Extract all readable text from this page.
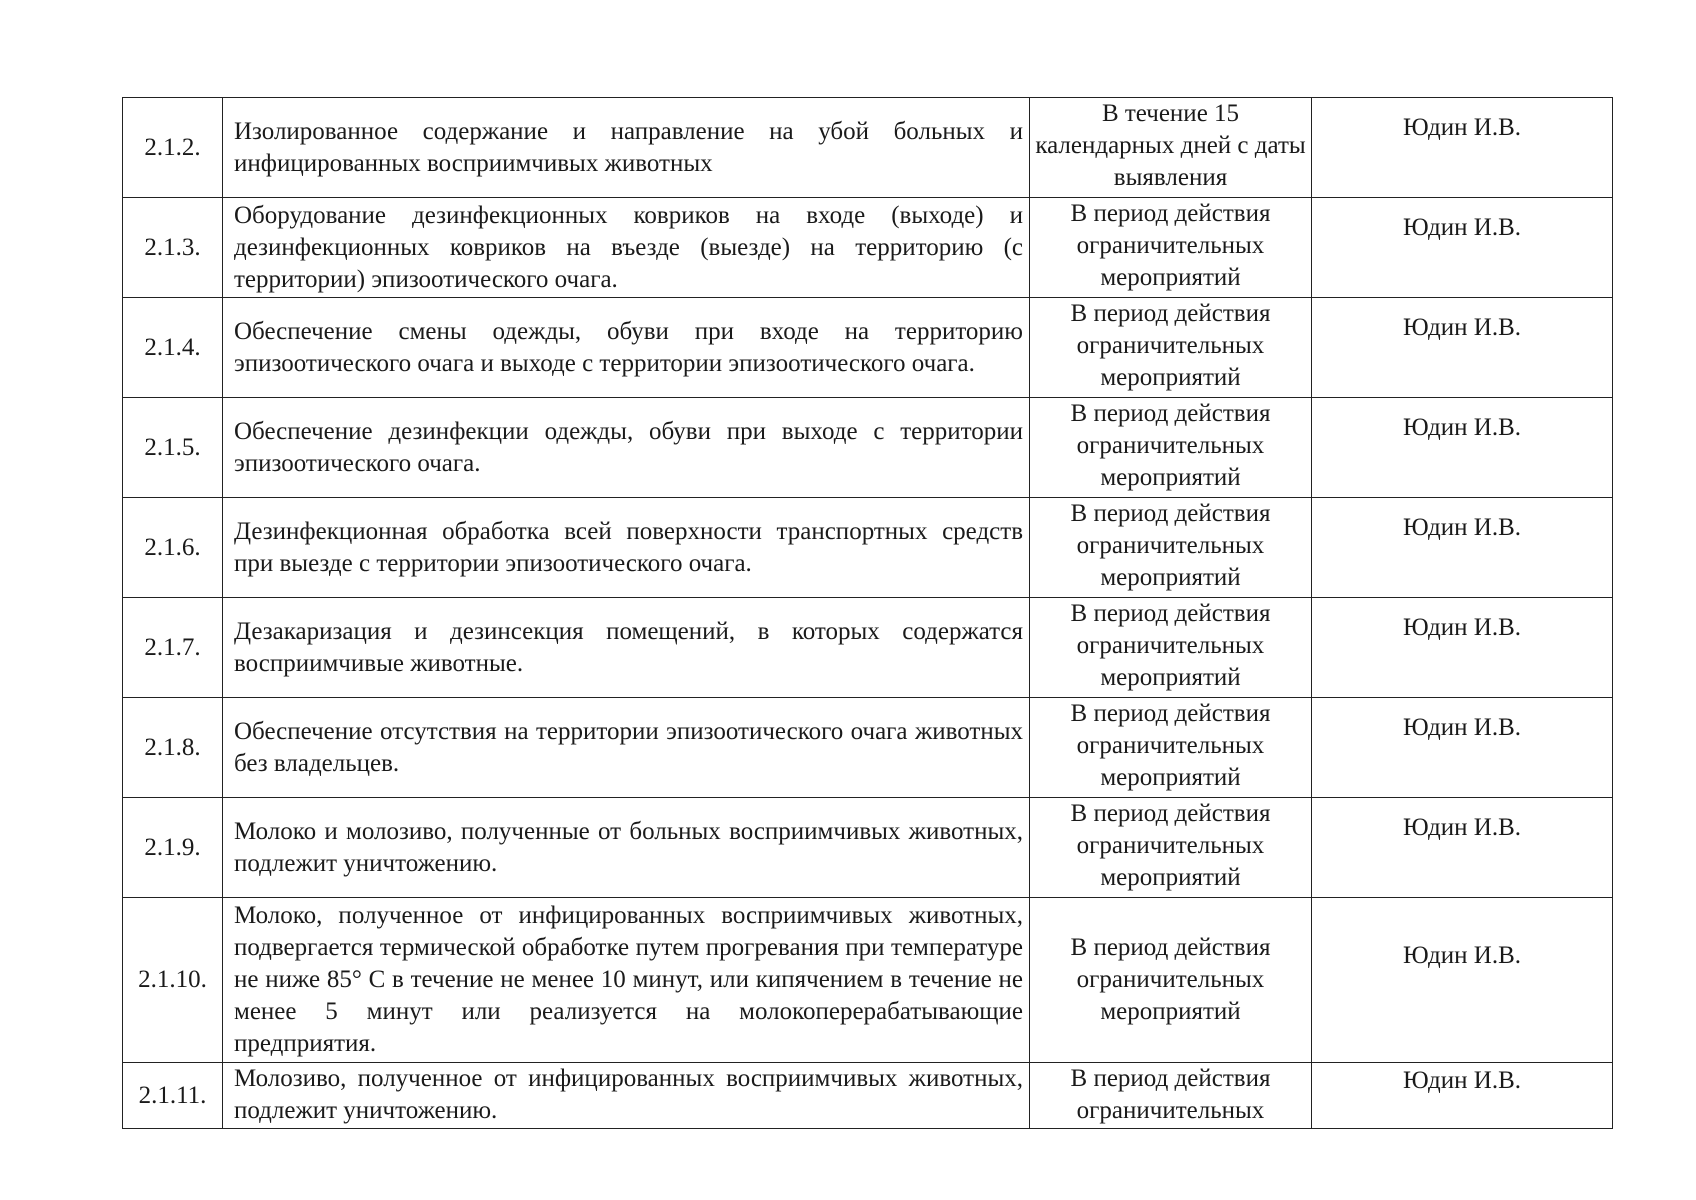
2.1.2.	Изолированное содержание и направление на убой больных и инфицированных восприимчивых животных	В течение 15 календарных дней с даты выявления	Юдин И.В.
2.1.3.	Оборудование дезинфекционных ковриков на входе (выходе) и дезинфекционных ковриков на въезде (выезде) на территорию (с территории) эпизоотического очага.	В период действия ограничительных мероприятий	Юдин И.В.
2.1.4.	Обеспечение смены одежды, обуви при входе на территорию эпизоотического очага и выходе с территории эпизоотического очага.	В период действия ограничительных мероприятий	Юдин И.В.
2.1.5.	Обеспечение дезинфекции одежды, обуви при выходе с территории эпизоотического очага.	В период действия ограничительных мероприятий	Юдин И.В.
2.1.6.	Дезинфекционная обработка всей поверхности транспортных средств при выезде с территории эпизоотического очага.	В период действия ограничительных мероприятий	Юдин И.В.
2.1.7.	Дезакаризация и дезинсекция помещений, в которых содержатся восприимчивые животные.	В период действия ограничительных мероприятий	Юдин И.В.
2.1.8.	Обеспечение отсутствия на территории эпизоотического очага животных без владельцев.	В период действия ограничительных мероприятий	Юдин И.В.
2.1.9.	Молоко и молозиво, полученные от больных восприимчивых животных, подлежит уничтожению.	В период действия ограничительных мероприятий	Юдин И.В.
2.1.10.	Молоко, полученное от инфицированных восприимчивых животных, подвергается термической обработке путем прогревания при температуре не ниже 85° С в течение не менее 10 минут, или кипячением в течение не менее 5 минут или реализуется на молокоперерабатывающие предприятия.	В период действия ограничительных мероприятий	Юдин И.В.
2.1.11.	Молозиво, полученное от инфицированных восприимчивых животных, подлежит уничтожению.	В период действия ограничительных	Юдин И.В.
